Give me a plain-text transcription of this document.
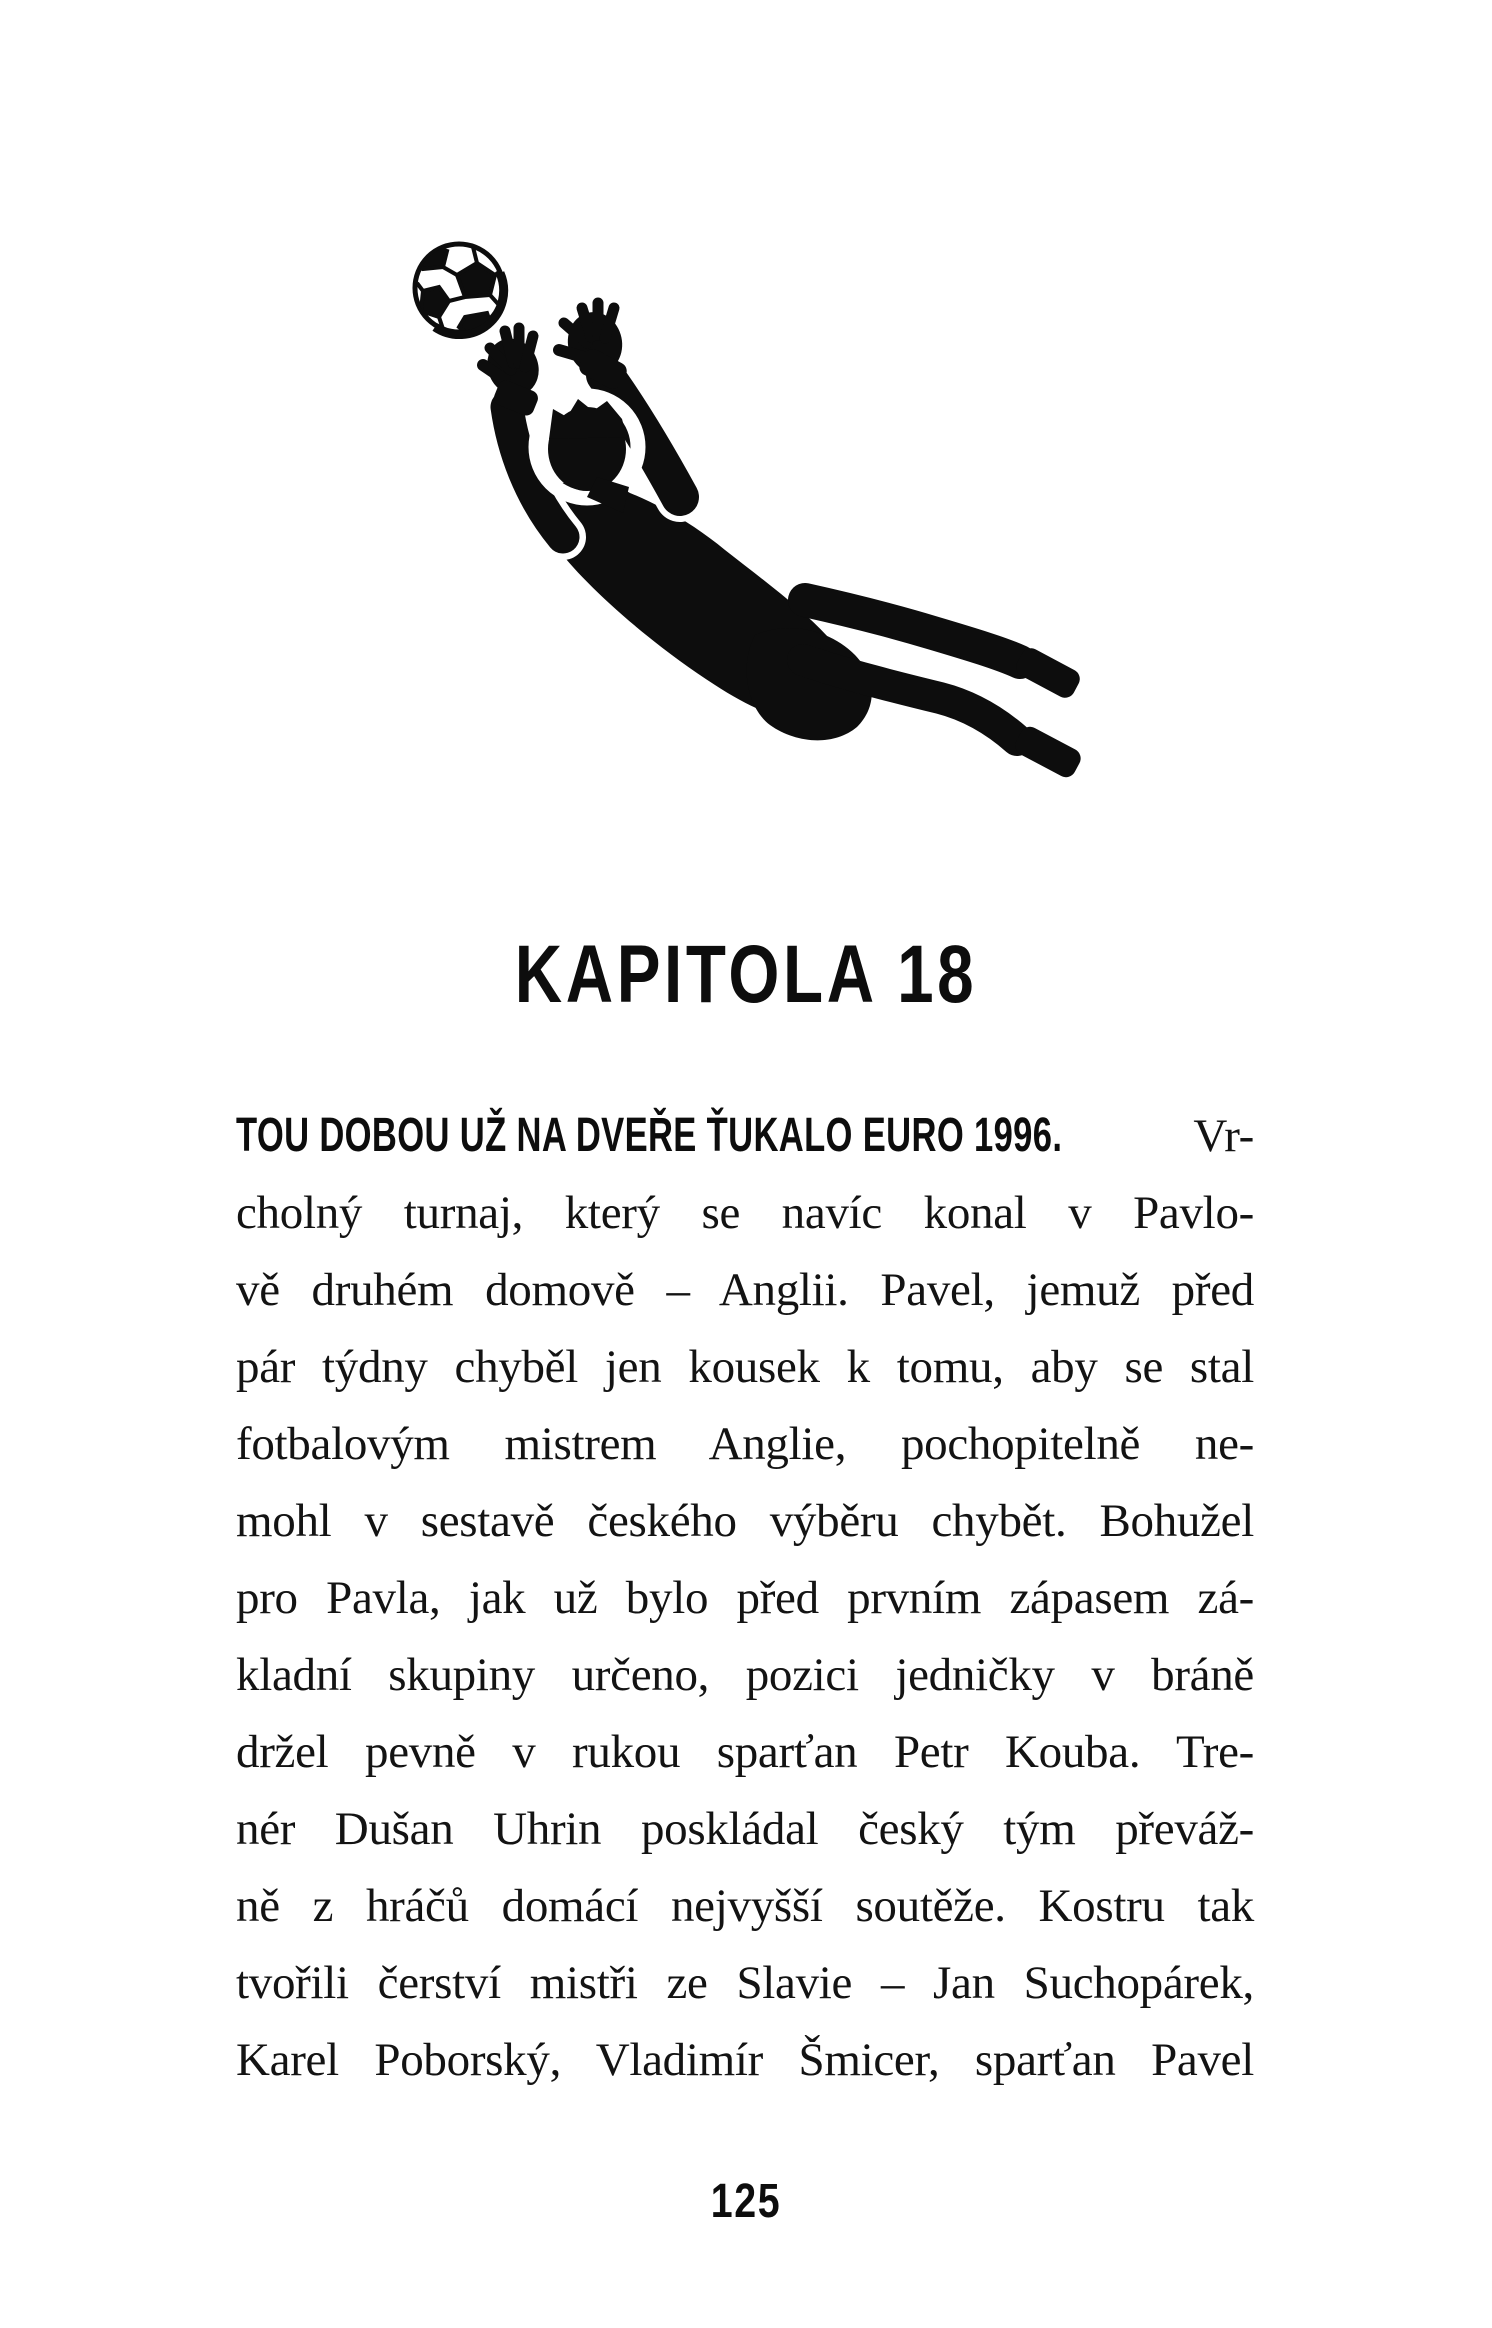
KAPITOLA 18
TOU DOBOU UŽ NA DVEŘE ŤUKALO EURO 1996.	Vr-
cholný turnaj, který se navíc konal v Pavlo-
vě druhém domově – Anglii. Pavel, jemuž před
pár týdny chyběl jen kousek k tomu, aby se stal
fotbalovým mistrem Anglie, pochopitelně ne-
mohl v sestavě českého výběru chybět. Bohužel
pro Pavla, jak už bylo před prvním zápasem zá-
kladní skupiny určeno, pozici jedničky v bráně
držel pevně v rukou sparťan Petr Kouba. Tre-
nér Dušan Uhrin poskládal český tým převáž-
ně z hráčů domácí nejvyšší soutěže. Kostru tak
tvořili čerství mistři ze Slavie – Jan Suchopárek,
Karel Poborský, Vladimír Šmicer, sparťan Pavel
125
